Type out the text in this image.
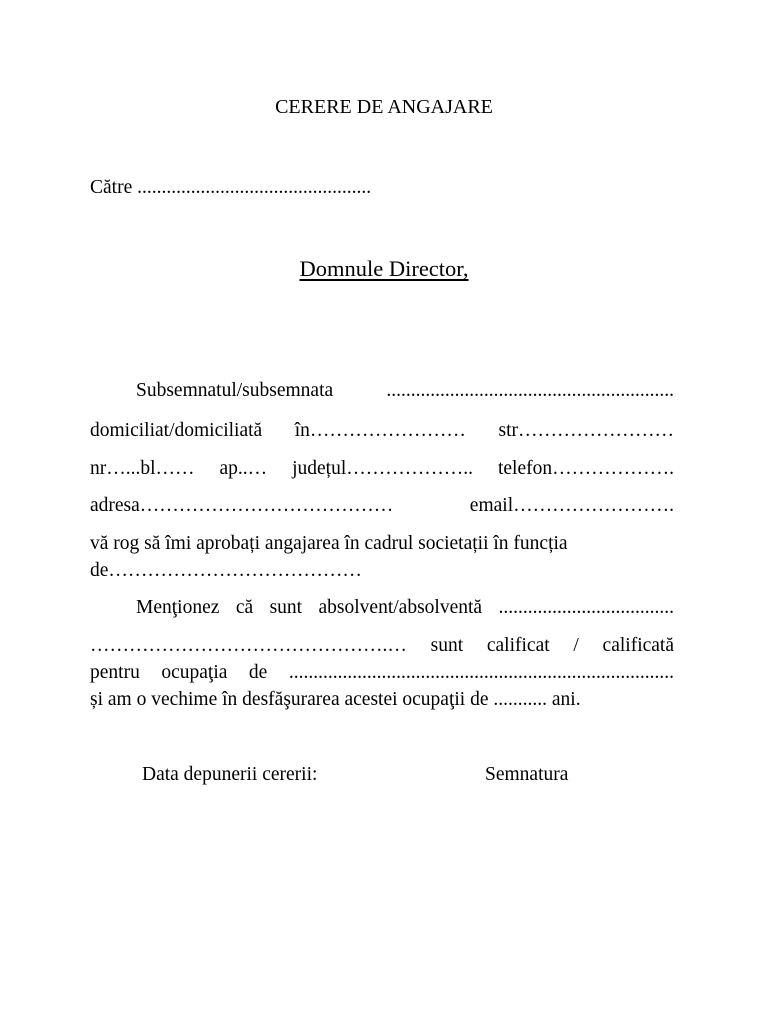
CERERE DE ANGAJARE

Către ................................................

Domnule Director,

Subsemnatul/subsemnata ...........................................................

domiciliat/domiciliată în…………………… str……………………

nr…...bl…… ap..… județul……………….. telefon……………….

adresa………………………………… email…………………….

vă rog să îmi aprobați angajarea în cadrul societații în funcția

de…………………………………

Menţionez că sunt absolvent/absolventă ....................................

……………………………………….… sunt calificat / calificată

pentru ocupaţia de ...............................................................................

și am o vechime în desfăşurarea acestei ocupaţii de ........... ani.

Data depunerii cererii:	Semnatura
